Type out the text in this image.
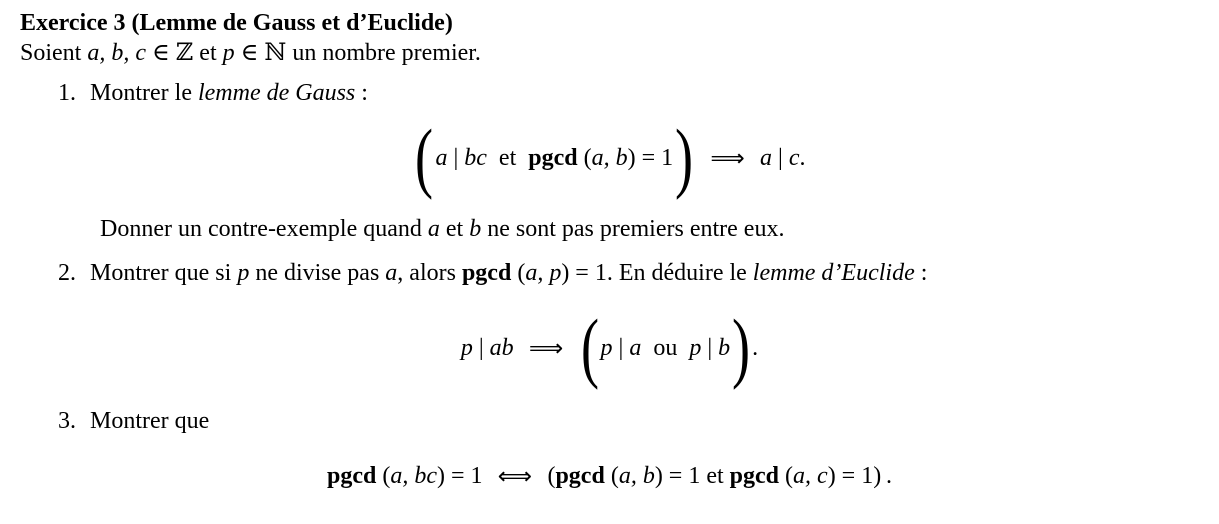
Exercice 3 (Lemme de Gauss et d’Euclide)

Soient a, b, c ∈ ℤ et p ∈ ℕ un nombre premier.

1. Montrer le lemme de Gauss :
( a | bc et pgcd ( a, b ) = 1 ) ⟹ a | c .

Donner un contre-exemple quand a et b ne sont pas premiers entre eux.

2. Montrer que si p ne divise pas a, alors pgcd (a, p) = 1. En déduire le lemme d’Euclide :
p | ab ⟹ ( p | a ou p | b ) .
3. Montrer que
pgcd ( a, bc ) = 1 ⟺ ( pgcd ( a, b ) = 1 et pgcd ( a, c ) = 1 ) .
